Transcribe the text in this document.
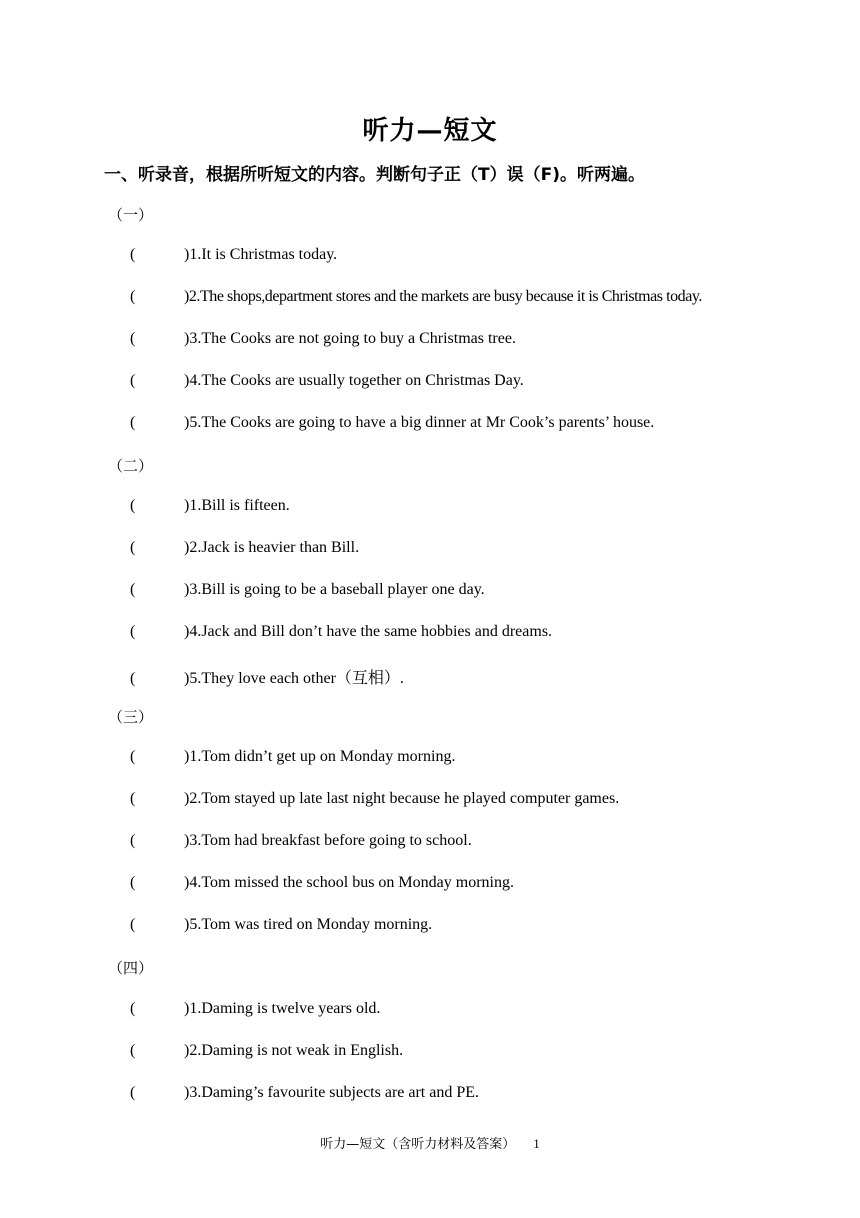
听力—短文
一、听录音，根据所听短文的内容。判断句子正（T）误（F)。听两遍。
（一）
(	)1.It is Christmas today.
(	)2.The shops,department stores and the markets are busy because it is Christmas today.
(	)3.The Cooks are not going to buy a Christmas tree.
(	)4.The Cooks are usually together on Christmas Day.
(	)5.The Cooks are going to have a big dinner at Mr Cook’s parents’ house.
（二）
(	)1.Bill is fifteen.
(	)2.Jack is heavier than Bill.
(	)3.Bill is going to be a baseball player one day.
(	)4.Jack and Bill don’t have the same hobbies and dreams.
(	)5.They love each other（互相）.
（三）
(	)1.Tom didn’t get up on Monday morning.
(	)2.Tom stayed up late last night because he played computer games.
(	)3.Tom had breakfast before going to school.
(	)4.Tom missed the school bus on Monday morning.
(	)5.Tom was tired on Monday morning.
（四）
(	)1.Daming is twelve years old.
(	)2.Daming is not weak in English.
(	)3.Daming’s favourite subjects are art and PE.
听力—短文（含听力材料及答案） 1
